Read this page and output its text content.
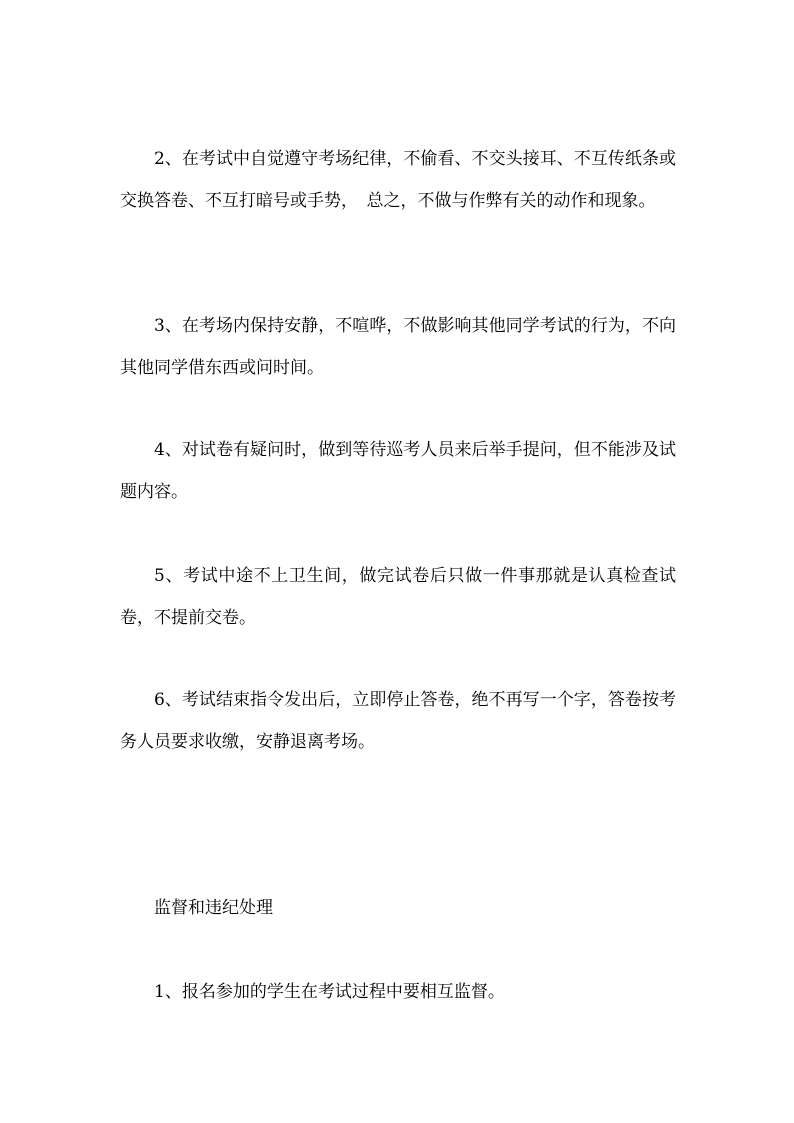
2、在考试中自觉遵守考场纪律，不偷看、不交头接耳、不互传纸条或交换答卷、不互打暗号或手势，　总之，不做与作弊有关的动作和现象。

3、在考场内保持安静，不喧哗，不做影响其他同学考试的行为，不向其他同学借东西或问时间。

4、对试卷有疑问时，做到等待巡考人员来后举手提问，但不能涉及试题内容。

5、考试中途不上卫生间，做完试卷后只做一件事那就是认真检查试卷，不提前交卷。

6、考试结束指令发出后，立即停止答卷，绝不再写一个字，答卷按考务人员要求收缴，安静退离考场。

监督和违纪处理

1、报名参加的学生在考试过程中要相互监督。
